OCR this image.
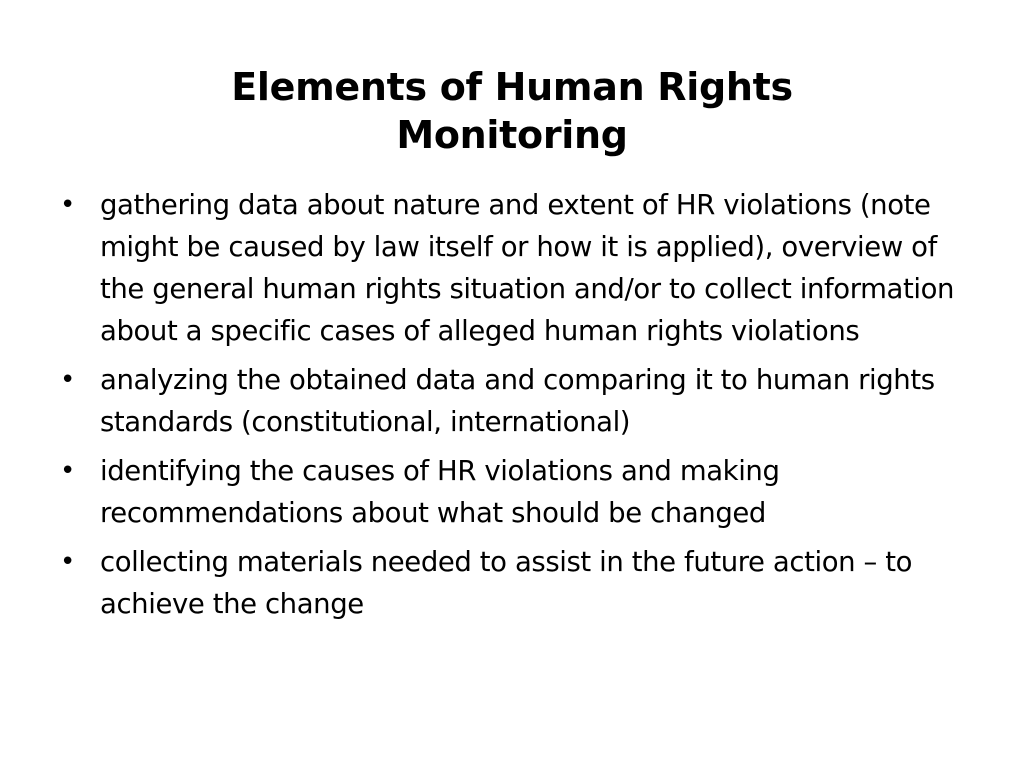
Elements of Human Rights
Monitoring
• gathering data about nature and extent of HR violations (note might be caused by law itself or how it is applied), overview of the general human rights situation and/or to collect information about a specific cases of alleged human rights violations
• analyzing the obtained data and comparing it to human rights standards (constitutional, international)
• identifying the causes of HR violations and making recommendations about what should be changed
• collecting materials needed to assist in the future action – to achieve the change
